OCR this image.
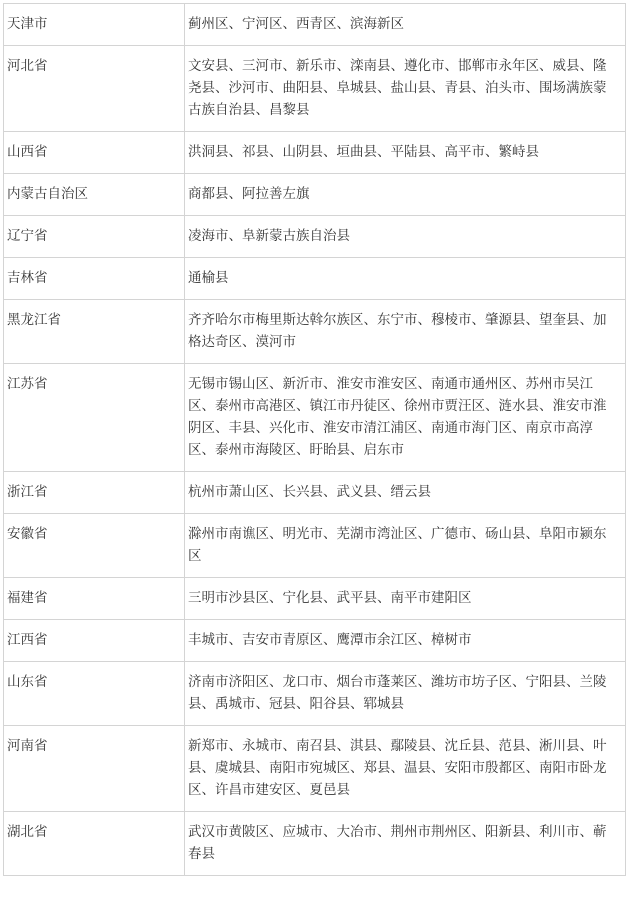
天津市	蓟州区、宁河区、西青区、滨海新区
河北省	文安县、三河市、新乐市、滦南县、遵化市、邯郸市永年区、威县、隆尧县、沙河市、曲阳县、阜城县、盐山县、青县、泊头市、围场满族蒙古族自治县、昌黎县
山西省	洪洞县、祁县、山阴县、垣曲县、平陆县、高平市、繁峙县
内蒙古自治区	商都县、阿拉善左旗
辽宁省	凌海市、阜新蒙古族自治县
吉林省	通榆县
黑龙江省	齐齐哈尔市梅里斯达斡尔族区、东宁市、穆棱市、肇源县、望奎县、加格达奇区、漠河市
江苏省	无锡市锡山区、新沂市、淮安市淮安区、南通市通州区、苏州市吴江区、泰州市高港区、镇江市丹徒区、徐州市贾汪区、涟水县、淮安市淮阴区、丰县、兴化市、淮安市清江浦区、南通市海门区、南京市高淳区、泰州市海陵区、盱眙县、启东市
浙江省	杭州市萧山区、长兴县、武义县、缙云县
安徽省	滁州市南谯区、明光市、芜湖市湾沚区、广德市、砀山县、阜阳市颍东区
福建省	三明市沙县区、宁化县、武平县、南平市建阳区
江西省	丰城市、吉安市青原区、鹰潭市余江区、樟树市
山东省	济南市济阳区、龙口市、烟台市蓬莱区、潍坊市坊子区、宁阳县、兰陵县、禹城市、冠县、阳谷县、郓城县
河南省	新郑市、永城市、南召县、淇县、鄢陵县、沈丘县、范县、淅川县、叶县、虞城县、南阳市宛城区、郑县、温县、安阳市殷都区、南阳市卧龙区、许昌市建安区、夏邑县
湖北省	武汉市黄陂区、应城市、大冶市、荆州市荆州区、阳新县、利川市、蕲春县
